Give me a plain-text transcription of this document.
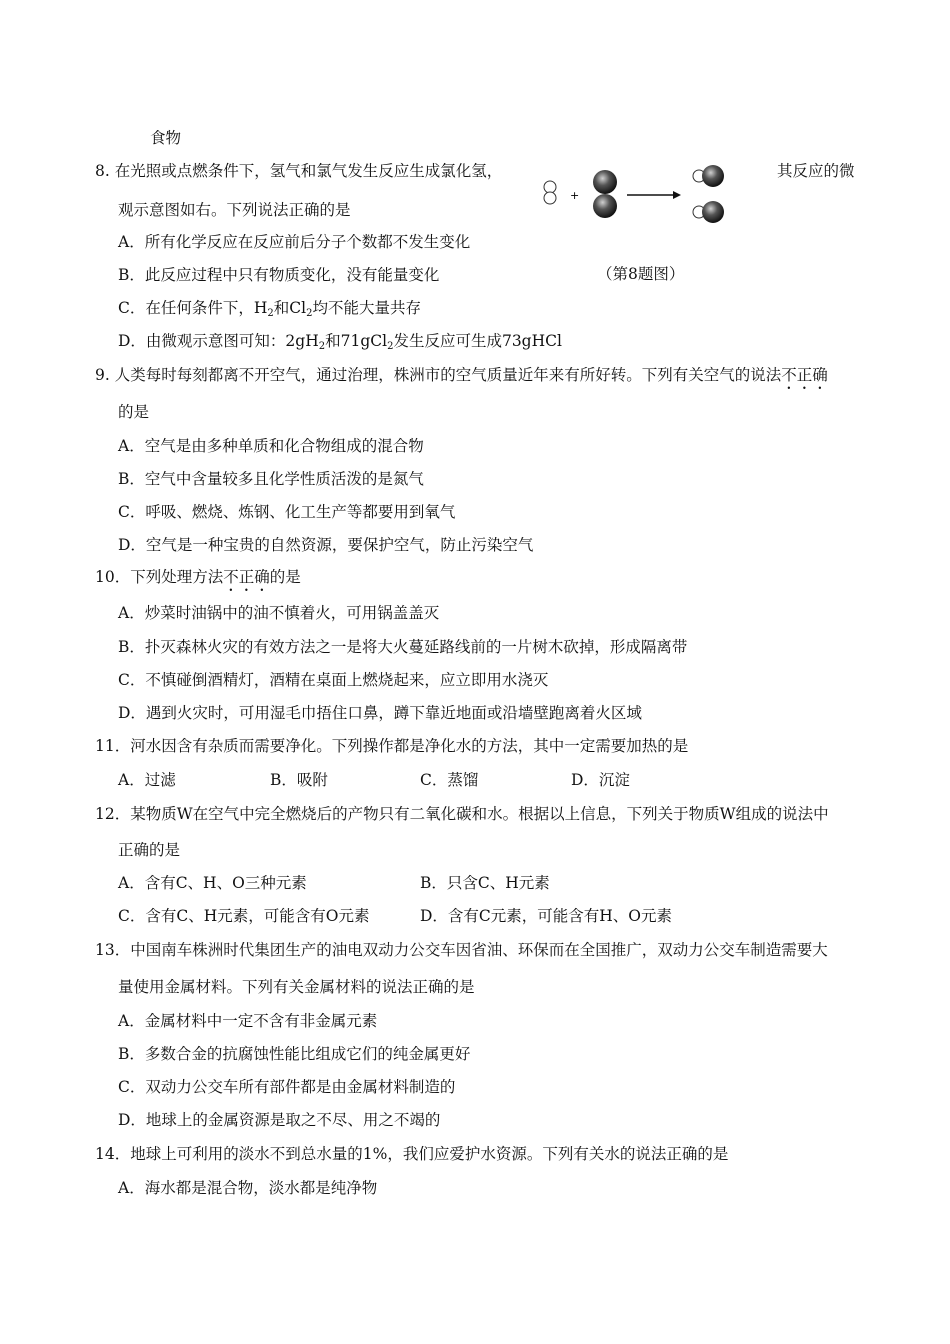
食物
8. 在光照或点燃条件下，氢气和氯气发生反应生成氯化氢，	其反应的微
观示意图如右。下列说法正确的是
+
（第8题图）
A．所有化学反应在反应前后分子个数都不发生变化
B．此反应过程中只有物质变化，没有能量变化
C．在任何条件下，$H_2$和$Cl_2$均不能大量共存
D．由微观示意图可知：$2gH_2$和71gCl$_2$发生反应可生成73gHCl
9. 人类每时每刻都离不开空气，通过治理，株洲市的空气质量近年来有所好转。下列有关空气的说法不正确
的是
A．空气是由多种单质和化合物组成的混合物
B．空气中含量较多且化学性质活泼的是氮气
C．呼吸、燃烧、炼钢、化工生产等都要用到氧气
D．空气是一种宝贵的自然资源，要保护空气，防止污染空气
10．下列处理方法不正确的是
A．炒菜时油锅中的油不慎着火，可用锅盖盖灭
B．扑灭森林火灾的有效方法之一是将大火蔓延路线前的一片树木砍掉，形成隔离带
C．不慎碰倒酒精灯，酒精在桌面上燃烧起来，应立即用水浇灭
D．遇到火灾时，可用湿毛巾捂住口鼻，蹲下靠近地面或沿墙壁跑离着火区域
11．河水因含有杂质而需要净化。下列操作都是净化水的方法，其中一定需要加热的是
A．过滤	B．吸附	C．蒸馏	D．沉淀
12．某物质W在空气中完全燃烧后的产物只有二氧化碳和水。根据以上信息，下列关于物质W组成的说法中
正确的是
A．含有C、H、O三种元素	B．只含C、H元素
C．含有C、H元素，可能含有O元素	D．含有C元素，可能含有H、O元素
13．中国南车株洲时代集团生产的油电双动力公交车因省油、环保而在全国推广，双动力公交车制造需要大
量使用金属材料。下列有关金属材料的说法正确的是
A．金属材料中一定不含有非金属元素
B．多数合金的抗腐蚀性能比组成它们的纯金属更好
C．双动力公交车所有部件都是由金属材料制造的
D．地球上的金属资源是取之不尽、用之不竭的
14．地球上可利用的淡水不到总水量的1%，我们应爱护水资源。下列有关水的说法正确的是
A．海水都是混合物，淡水都是纯净物
